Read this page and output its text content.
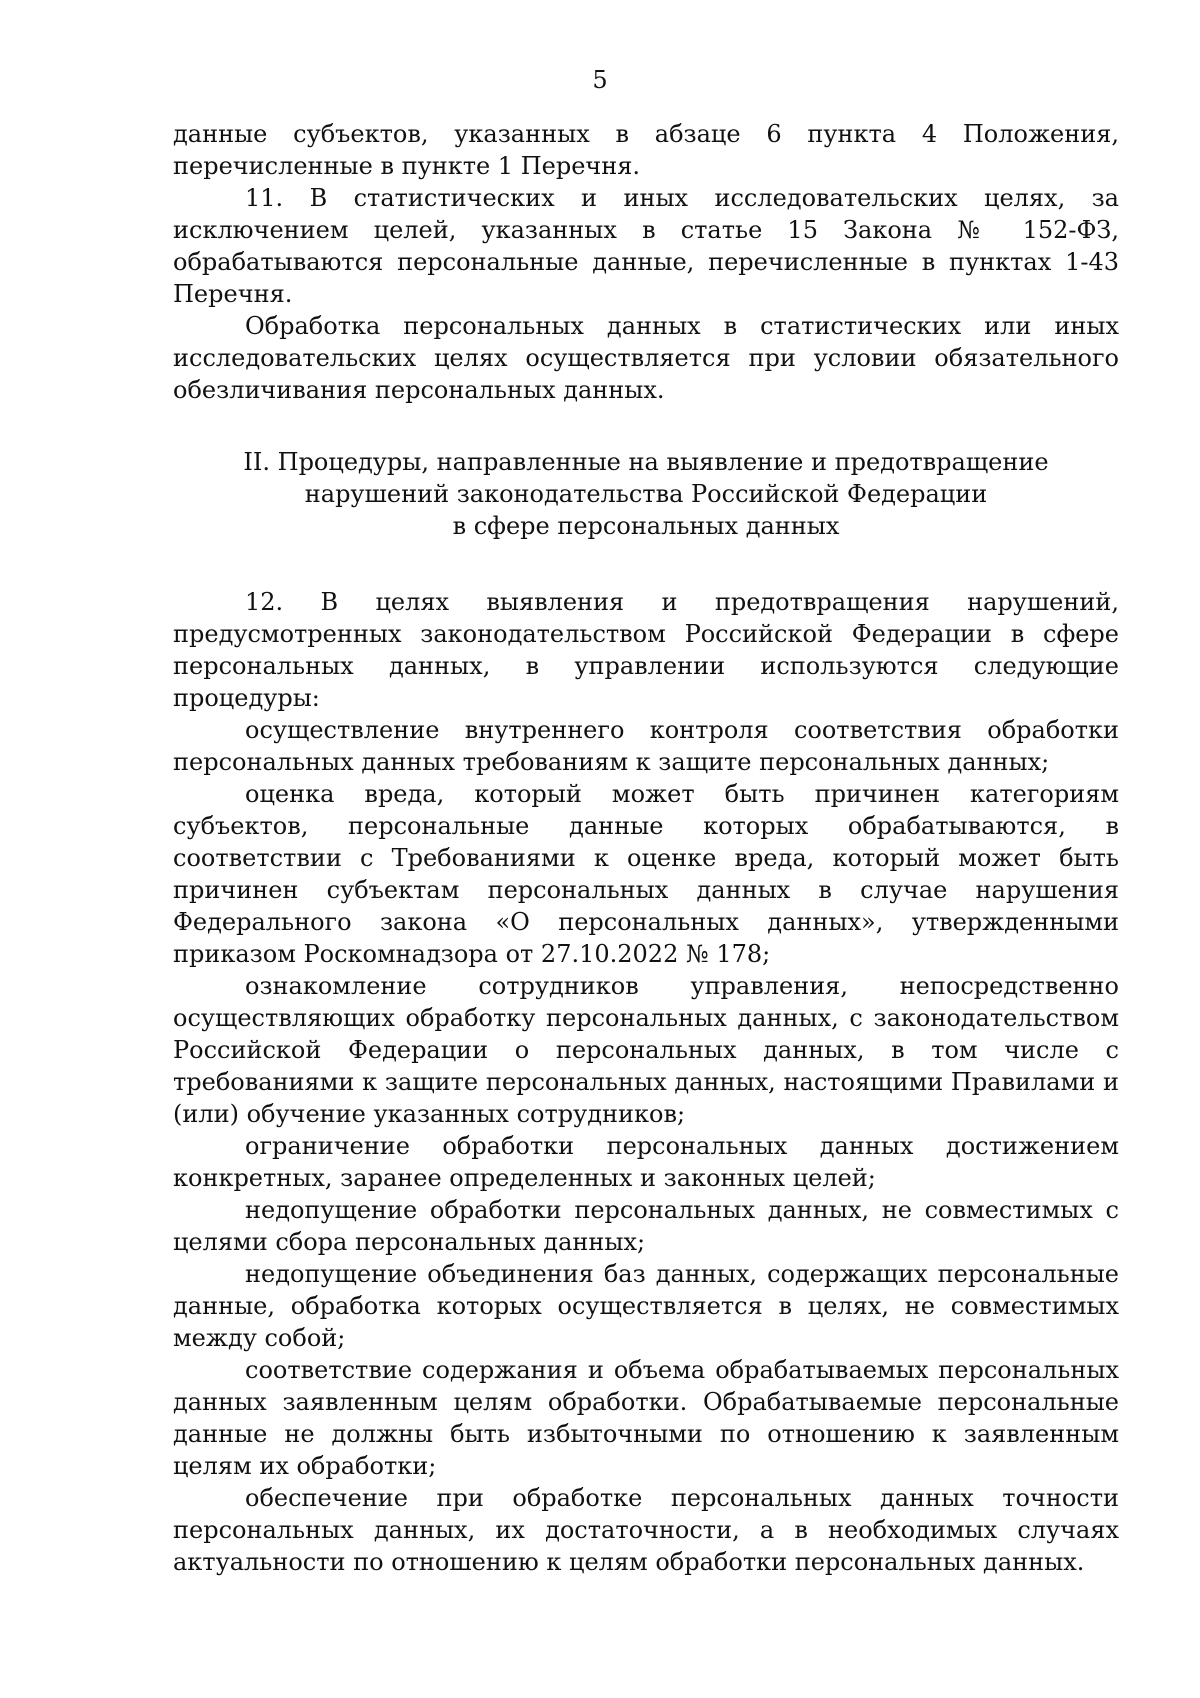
5

данные субъектов, указанных в абзаце 6 пункта 4 Положения, перечисленные в пункте 1 Перечня.

11. В статистических и иных исследовательских целях, за исключением целей, указанных в статье 15 Закона № 152-ФЗ, обрабатываются персональные данные, перечисленные в пунктах 1-43 Перечня.

Обработка персональных данных в статистических или иных исследовательских целях осуществляется при условии обязательного обезличивания персональных данных.

II. Процедуры, направленные на выявление и предотвращение
нарушений законодательства Российской Федерации
в сфере персональных данных

12. В целях выявления и предотвращения нарушений, предусмотренных законодательством Российской Федерации в сфере персональных данных, в управлении используются следующие процедуры:

осуществление внутреннего контроля соответствия обработки персональных данных требованиям к защите персональных данных;

оценка вреда, который может быть причинен категориям субъектов, персональные данные которых обрабатываются, в соответствии с Требованиями к оценке вреда, который может быть причинен субъектам персональных данных в случае нарушения Федерального закона «О персональных данных», утвержденными приказом Роскомнадзора от 27.10.2022 № 178;

ознакомление сотрудников управления, непосредственно осуществляющих обработку персональных данных, с законодательством Российской Федерации о персональных данных, в том числе с требованиями к защите персональных данных, настоящими Правилами и (или) обучение указанных сотрудников;

ограничение обработки персональных данных достижением конкретных, заранее определенных и законных целей;

недопущение обработки персональных данных, не совместимых с целями сбора персональных данных;

недопущение объединения баз данных, содержащих персональные данные, обработка которых осуществляется в целях, не совместимых между собой;

соответствие содержания и объема обрабатываемых персональных данных заявленным целям обработки. Обрабатываемые персональные данные не должны быть избыточными по отношению к заявленным целям их обработки;

обеспечение при обработке персональных данных точности персональных данных, их достаточности, а в необходимых случаях актуальности по отношению к целям обработки персональных данных.
